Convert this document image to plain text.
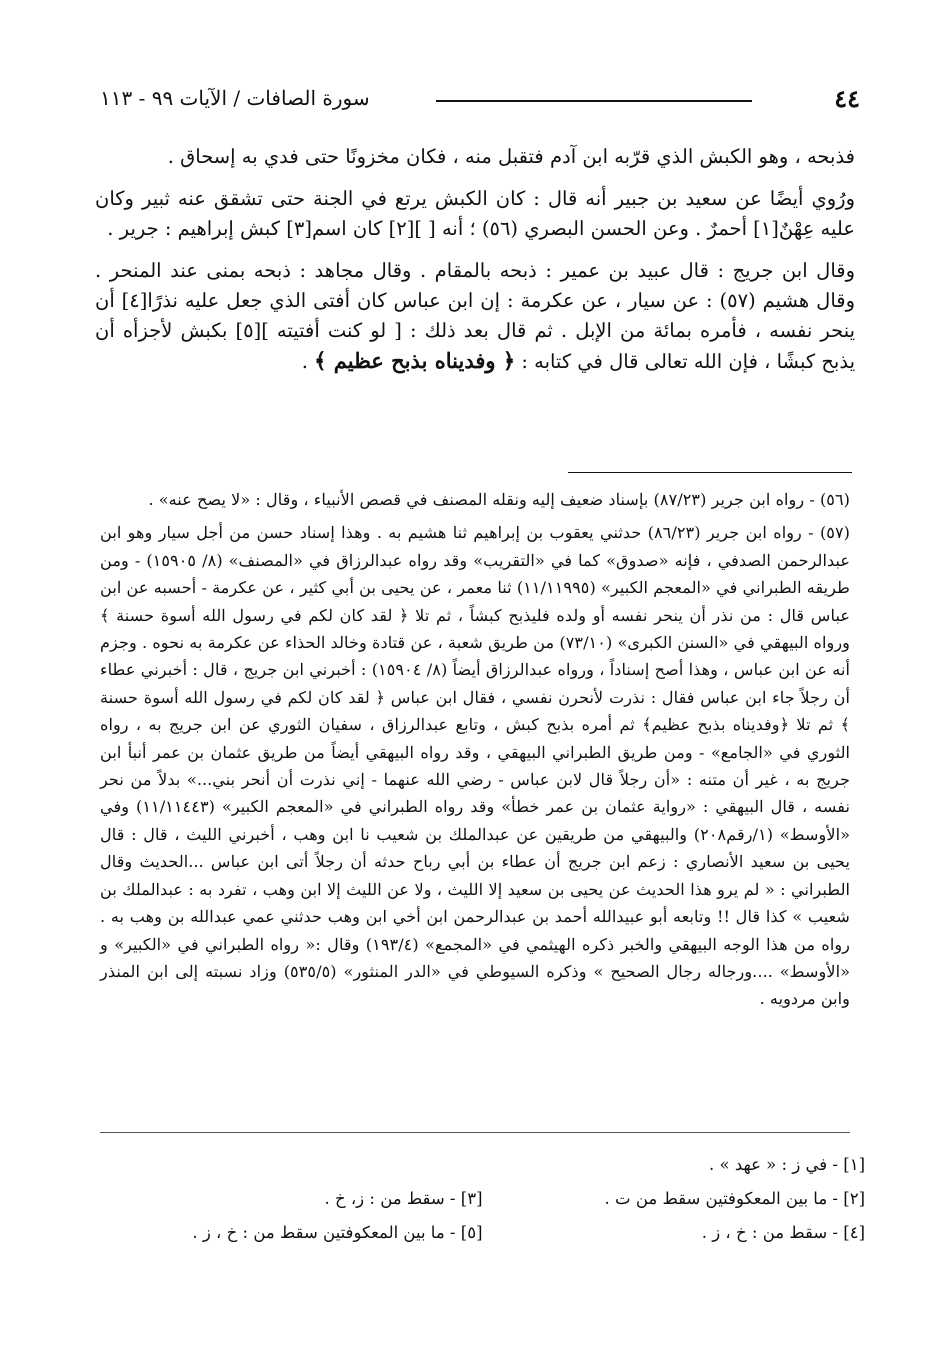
٤٤
سورة الصافات / الآيات ٩٩ - ١١٣

فذبحه ، وهو الكبش الذي قرّبه ابن آدم فتقبل منه ، فكان مخزونًا حتى فدي به إسحاق .

ورُوي أيضًا عن سعيد بن جبير أنه قال : كان الكبش يرتع في الجنة حتى تشقق عنه ثبير وكان عليه عِهْنٌ[١] أحمرٌ . وعن الحسن البصري (٥٦) ؛ أنه [ ][٢] كان اسم[٣] كبش إبراهيم : جرير .

وقال ابن جريج : قال عبيد بن عمير : ذبحه بالمقام . وقال مجاهد : ذبحه بمنى عند المنحر . وقال هشيم (٥٧) : عن سيار ، عن عكرمة : إن ابن عباس كان أفتى الذي جعل عليه نذرًا[٤] أن ينحر نفسه ، فأمره بمائة من الإبل . ثم قال بعد ذلك : [ لو كنت أفتيته ][٥] بكبش لأجزأه أن يذبح كبشًا ، فإن الله تعالى قال في كتابه : ﴿ وفديناه بذبح عظيم ﴾ .

(٥٦) - رواه ابن جرير (٨٧/٢٣) بإسناد ضعيف إليه ونقله المصنف في قصص الأنبياء ، وقال : «لا يصح عنه» .

(٥٧) - رواه ابن جرير (٨٦/٢٣) حدثني يعقوب بن إبراهيم ثنا هشيم به . وهذا إسناد حسن من أجل سيار وهو ابن عبدالرحمن الصدفي ، فإنه «صدوق» كما في «التقريب» وقد رواه عبدالرزاق في «المصنف» (٨/ ١٥٩٠٥) - ومن طريقه الطبراني في «المعجم الكبير» (١١/١١٩٩٥) ثنا معمر ، عن يحيى بن أبي كثير ، عن عكرمة - أحسبه عن ابن عباس قال : من نذر أن ينحر نفسه أو ولده فليذبح كبشاً ، ثم تلا ﴿ لقد كان لكم في رسول الله أسوة حسنة ﴾ ورواه البيهقي في «السنن الكبرى» (٧٣/١٠) من طريق شعبة ، عن قتادة وخالد الحذاء عن عكرمة به نحوه . وجزم أنه عن ابن عباس ، وهذا أصح إسناداً ، ورواه عبدالرزاق أيضاً (٨/ ١٥٩٠٤) : أخبرني ابن جريج ، قال : أخبرني عطاء أن رجلاً جاء ابن عباس فقال : نذرت لأنحرن نفسي ، فقال ابن عباس ﴿ لقد كان لكم في رسول الله أسوة حسنة ﴾ ثم تلا ﴿وفديناه بذبح عظيم﴾ ثم أمره بذبح كبش ، وتابع عبدالرزاق ، سفيان الثوري عن ابن جريج به ، رواه الثوري في «الجامع» - ومن طريق الطبراني البيهقي ، وقد رواه البيهقي أيضاً من طريق عثمان بن عمر أنبأ ابن جريج به ، غير أن متنه : «أن رجلاً قال لابن عباس - رضي الله عنهما - إني نذرت أن أنحر بني...» بدلاً من نحر نفسه ، قال البيهقي : «رواية عثمان بن عمر خطأ» وقد رواه الطبراني في «المعجم الكبير» (١١/١١٤٤٣) وفي «الأوسط» (١/رقم٢٠٨) والبيهقي من طريقين عن عبدالملك بن شعيب نا ابن وهب ، أخبرني الليث ، قال : قال يحيى بن سعيد الأنصاري : زعم ابن جريج أن عطاء بن أبي رباح حدثه أن رجلاً أتى ابن عباس ...الحديث وقال الطبراني : « لم يرو هذا الحديث عن يحيى بن سعيد إلا الليث ، ولا عن الليث إلا ابن وهب ، تفرد به : عبدالملك بن شعيب » كذا قال !! وتابعه أبو عبيدالله أحمد بن عبدالرحمن ابن أخي ابن وهب حدثني عمي عبدالله بن وهب به . رواه من هذا الوجه البيهقي والخبر ذكره الهيثمي في «المجمع» (١٩٣/٤) وقال :« رواه الطبراني في «الكبير» و «الأوسط» ....ورجاله رجال الصحيح » وذكره السيوطي في «الدر المنثور» (٥٣٥/٥) وزاد نسبته إلى ابن المنذر وابن مردويه .

[١] - في ز : « عهد » .
[٢] - ما بين المعكوفتين سقط من ت .
[٣] - سقط من : ز، خ .
[٤] - سقط من : خ ، ز .
[٥] - ما بين المعكوفتين سقط من : خ ، ز .
